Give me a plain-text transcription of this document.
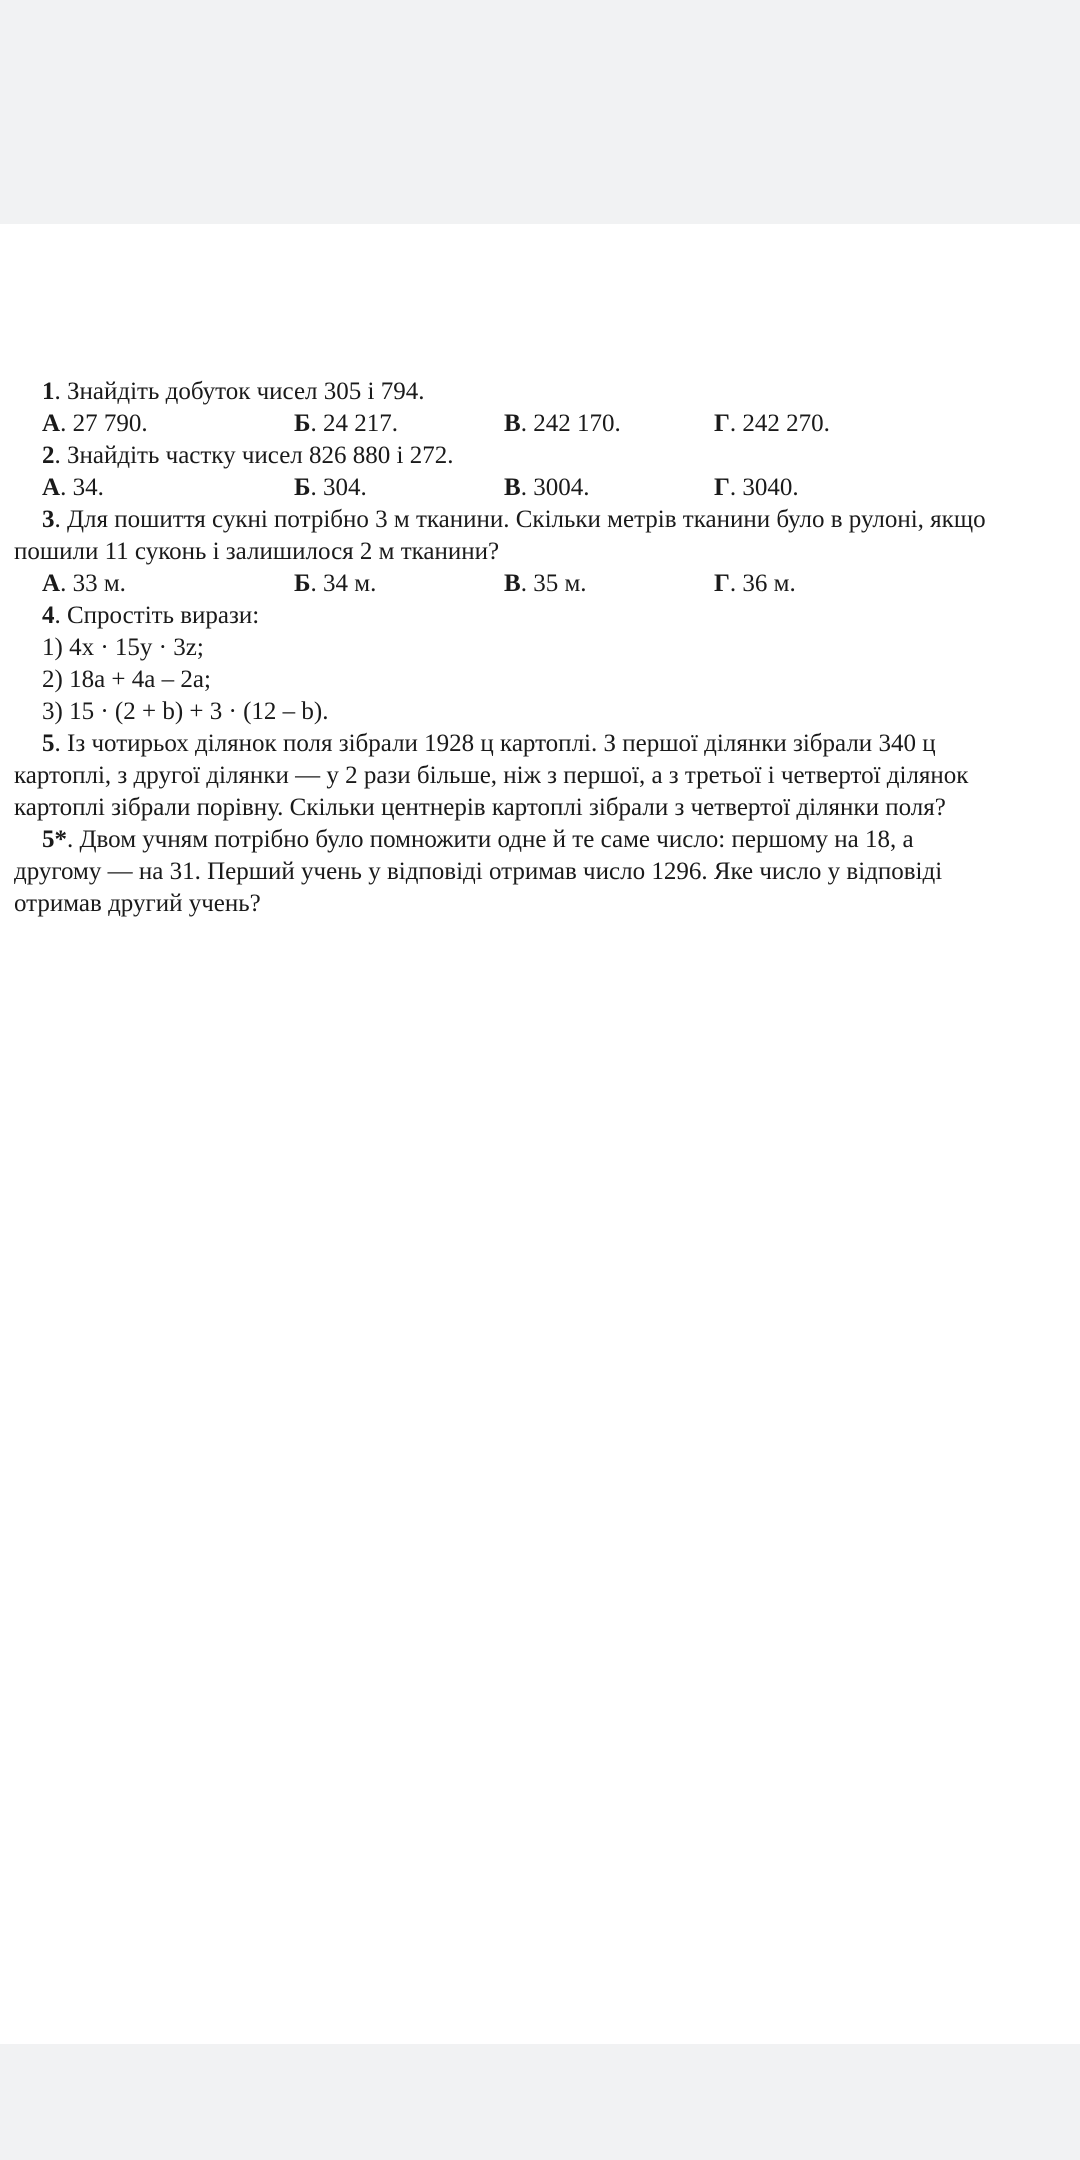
1. Знайдіть добуток чисел 305 і 794.
А. 27 790.	Б. 24 217.	В. 242 170.	Г. 242 270.
2. Знайдіть частку чисел 826 880 і 272.
А. 34.	Б. 304.	В. 3004.	Г. 3040.
3. Для пошиття сукні потрібно 3 м тканини. Скільки метрів тканини було в рулоні, якщо
пошили 11 суконь і залишилося 2 м тканини?
А. 33 м.	Б. 34 м.	В. 35 м.	Г. 36 м.
4. Спростіть вирази:
1) 4x · 15y · 3z;
2) 18a + 4a – 2a;
3) 15 · (2 + b) + 3 · (12 – b).
5. Із чотирьох ділянок поля зібрали 1928 ц картоплі. З першої ділянки зібрали 340 ц
картоплі, з другої ділянки — у 2 рази більше, ніж з першої, а з третьої і четвертої ділянок
картоплі зібрали порівну. Скільки центнерів картоплі зібрали з четвертої ділянки поля?
5*. Двом учням потрібно було помножити одне й те саме число: першому на 18, а
другому — на 31. Перший учень у відповіді отримав число 1296. Яке число у відповіді
отримав другий учень?
